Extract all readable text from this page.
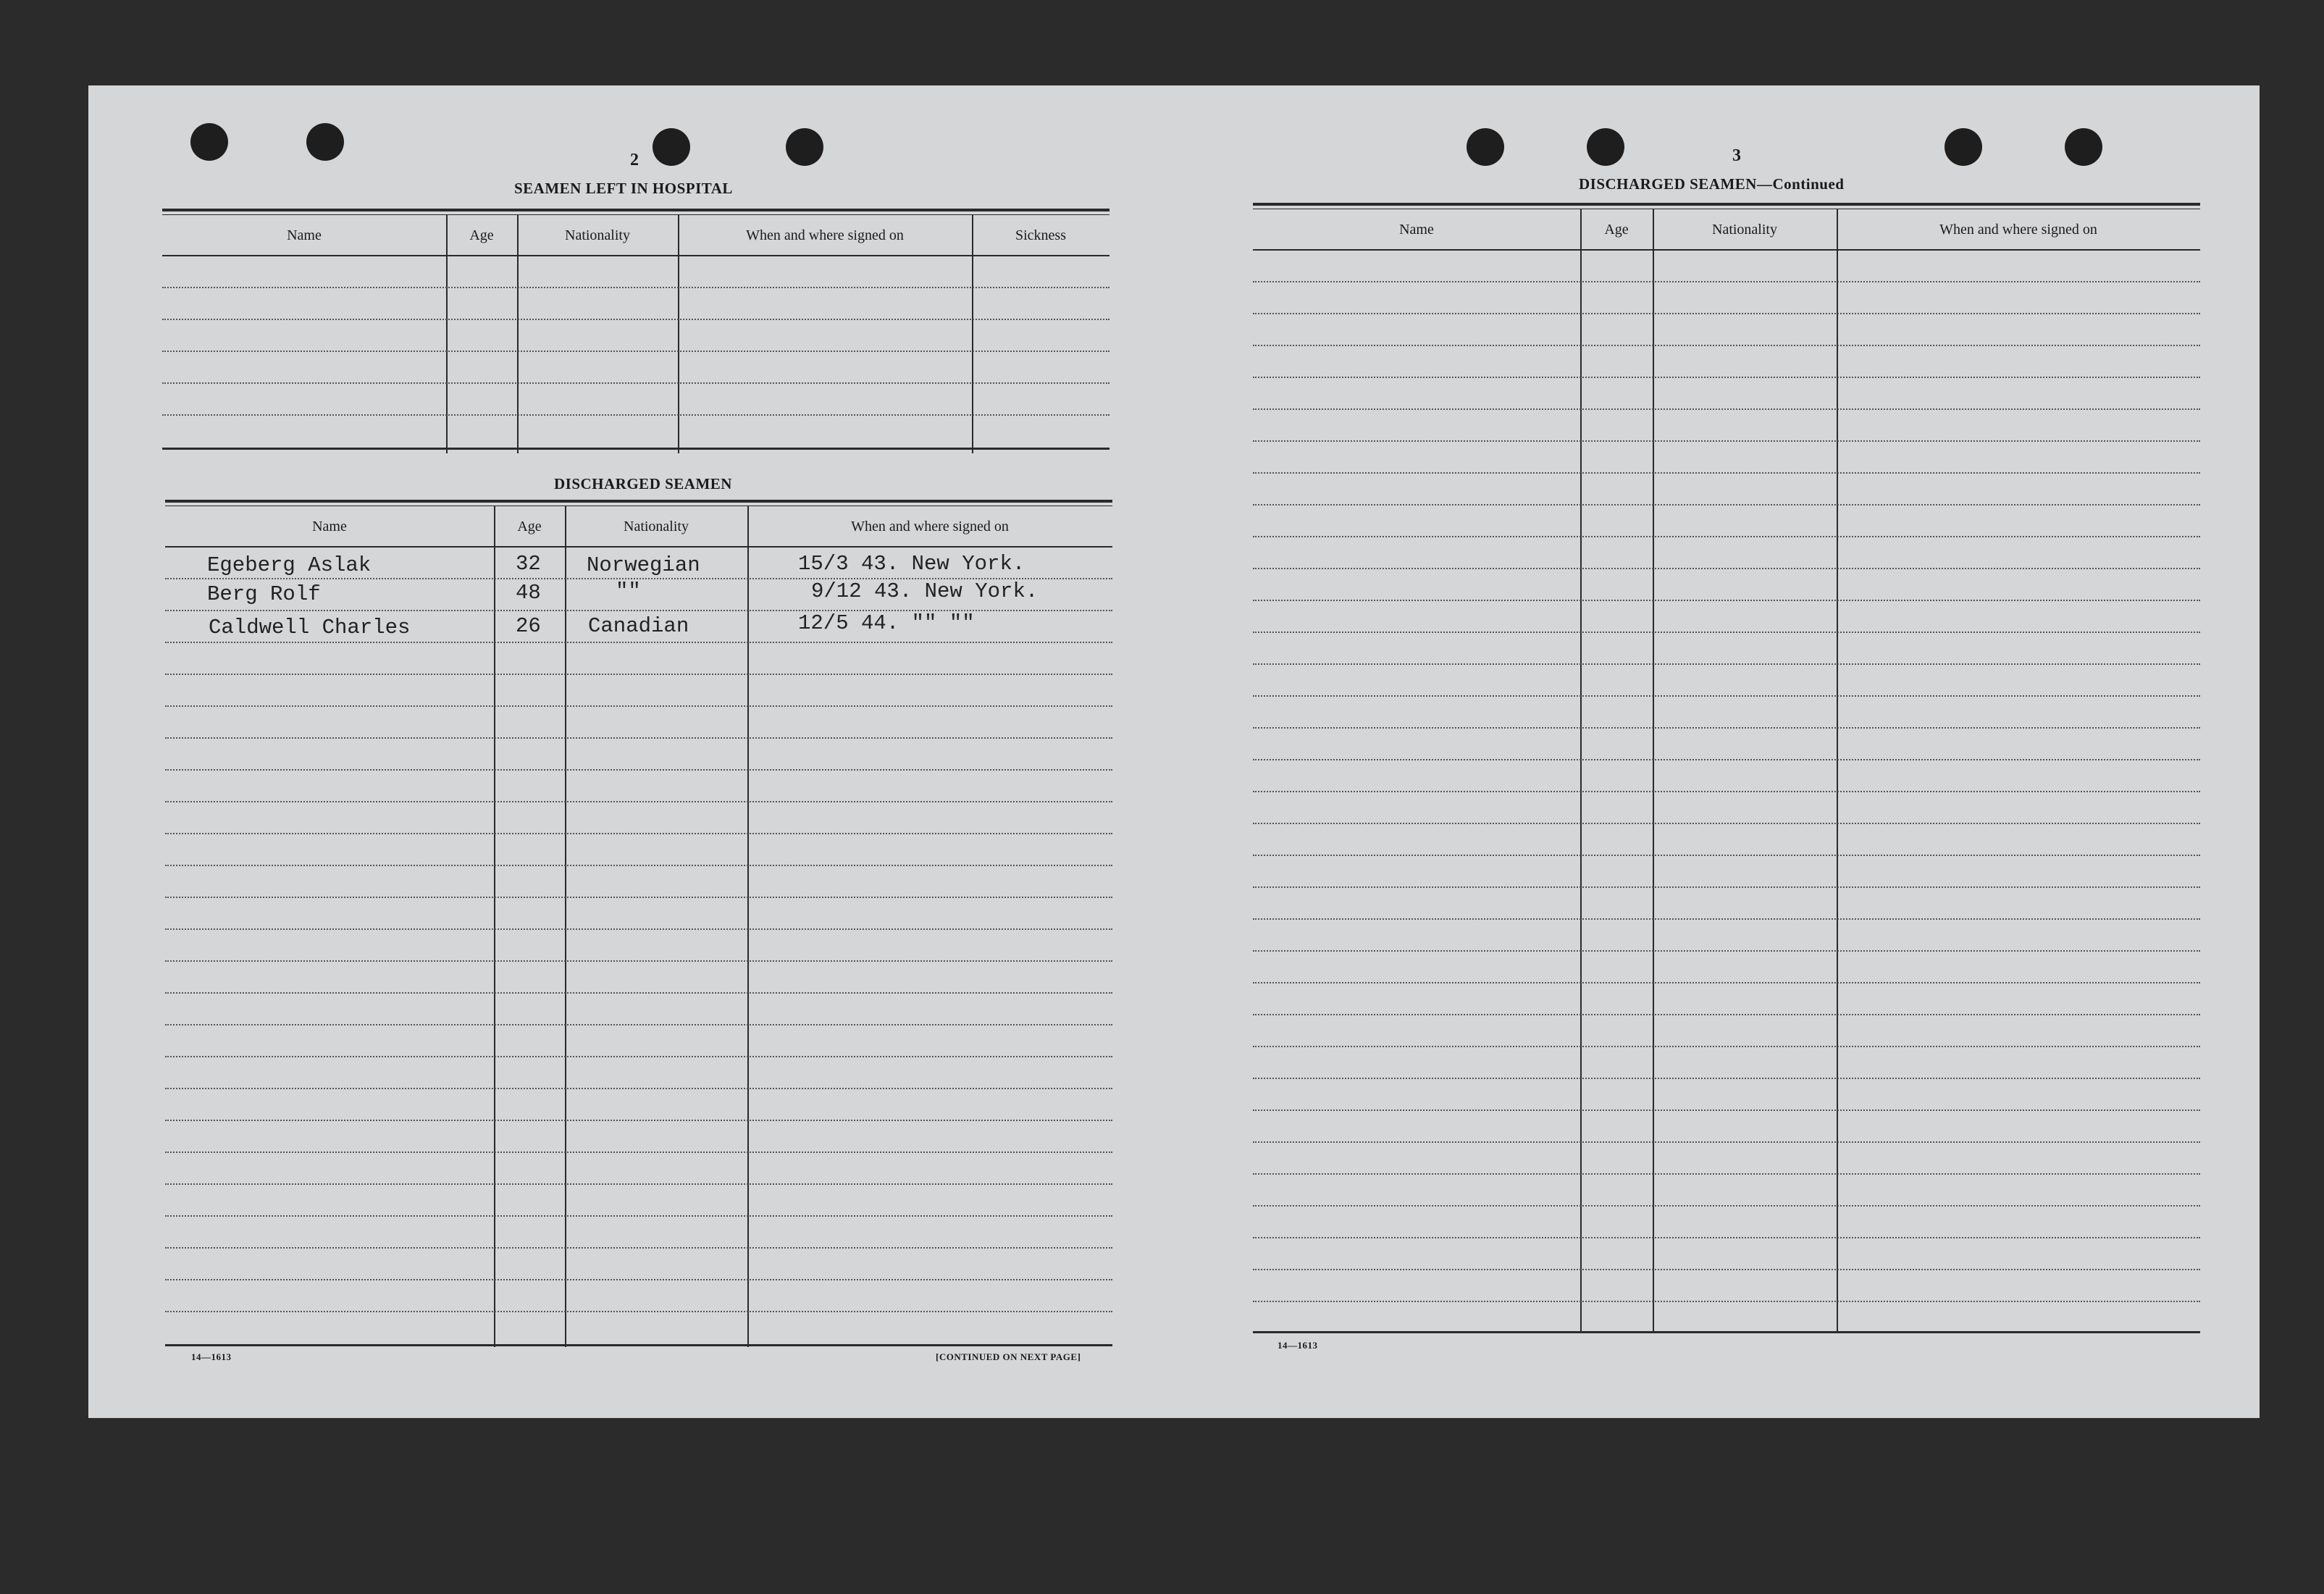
2
SEAMEN LEFT IN HOSPITAL
Name	Age	Nationality	When and where signed on	Sickness
DISCHARGED SEAMEN
Name	Age	Nationality	When and where signed on
Egeberg Aslak	32 Norwegian	15/3 43. New York.
Berg Rolf	48	""	9/12 43. New York.
Caldwell Charles	26 Canadian	12/5 44. "" ""
14—1613	[CONTINUED ON NEXT PAGE]
3
DISCHARGED SEAMEN—Continued
Name	Age	Nationality	When and where signed on
14—1613
